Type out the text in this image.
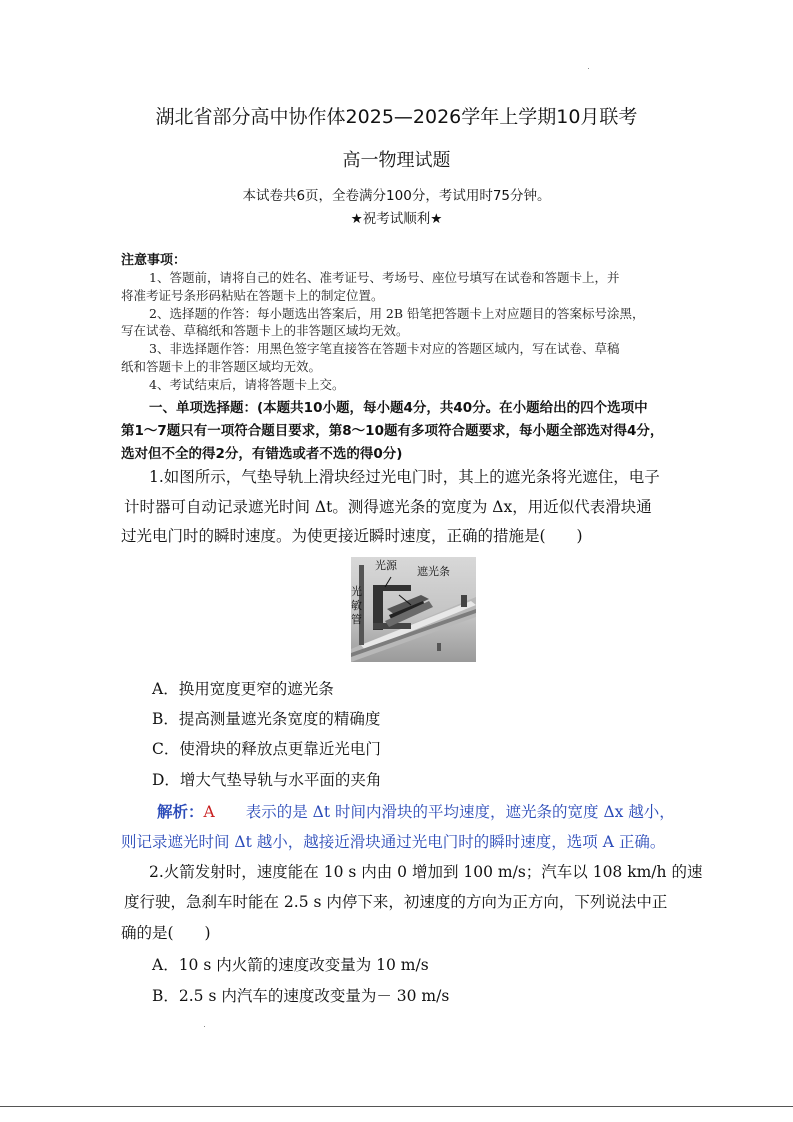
湖北省部分高中协作体2025—2026学年上学期10月联考
高一物理试题
本试卷共6页，全卷满分100分，考试用时75分钟。
★祝考试顺利★
注意事项：
1、答题前，请将自己的姓名、准考证号、考场号、座位号填写在试卷和答题卡上，并
将准考证号条形码粘贴在答题卡上的制定位置。
2、选择题的作答：每小题选出答案后，用 2B 铅笔把答题卡上对应题目的答案标号涂黑，
写在试卷、草稿纸和答题卡上的非答题区域均无效。
3、非选择题作答：用黑色签字笔直接答在答题卡对应的答题区域内，写在试卷、草稿
纸和答题卡上的非答题区域均无效。
4、考试结束后，请将答题卡上交。
一、单项选择题：(本题共10小题，每小题4分，共40分。在小题给出的四个选项中
第1～7题只有一项符合题目要求，第8～10题有多项符合题要求，每小题全部选对得4分，
选对但不全的得2分，有错选或者不选的得0分)
1.如图所示，气垫导轨上滑块经过光电门时，其上的遮光条将光遮住，电子
计时器可自动记录遮光时间 Δt。测得遮光条的宽度为 Δx，用近似代表滑块通
过光电门时的瞬时速度。为使更接近瞬时速度，正确的措施是(　　)
光源 遮光条
光
敏
管
A．换用宽度更窄的遮光条
B．提高测量遮光条宽度的精确度
C．使滑块的释放点更靠近光电门
D．增大气垫导轨与水平面的夹角
解析：A　　 表示的是 Δt 时间内滑块的平均速度，遮光条的宽度 Δx 越小，
则记录遮光时间 Δt 越小，越接近滑块通过光电门时的瞬时速度，选项 A 正确。
2.火箭发射时，速度能在 10 s 内由 0 增加到 100 m/s；汽车以 108 km/h 的速
度行驶，急刹车时能在 2.5 s 内停下来，初速度的方向为正方向，下列说法中正
确的是(　　)
A．10 s 内火箭的速度改变量为 10 m/s
B．2.5 s 内汽车的速度改变量为－ 30 m/s
